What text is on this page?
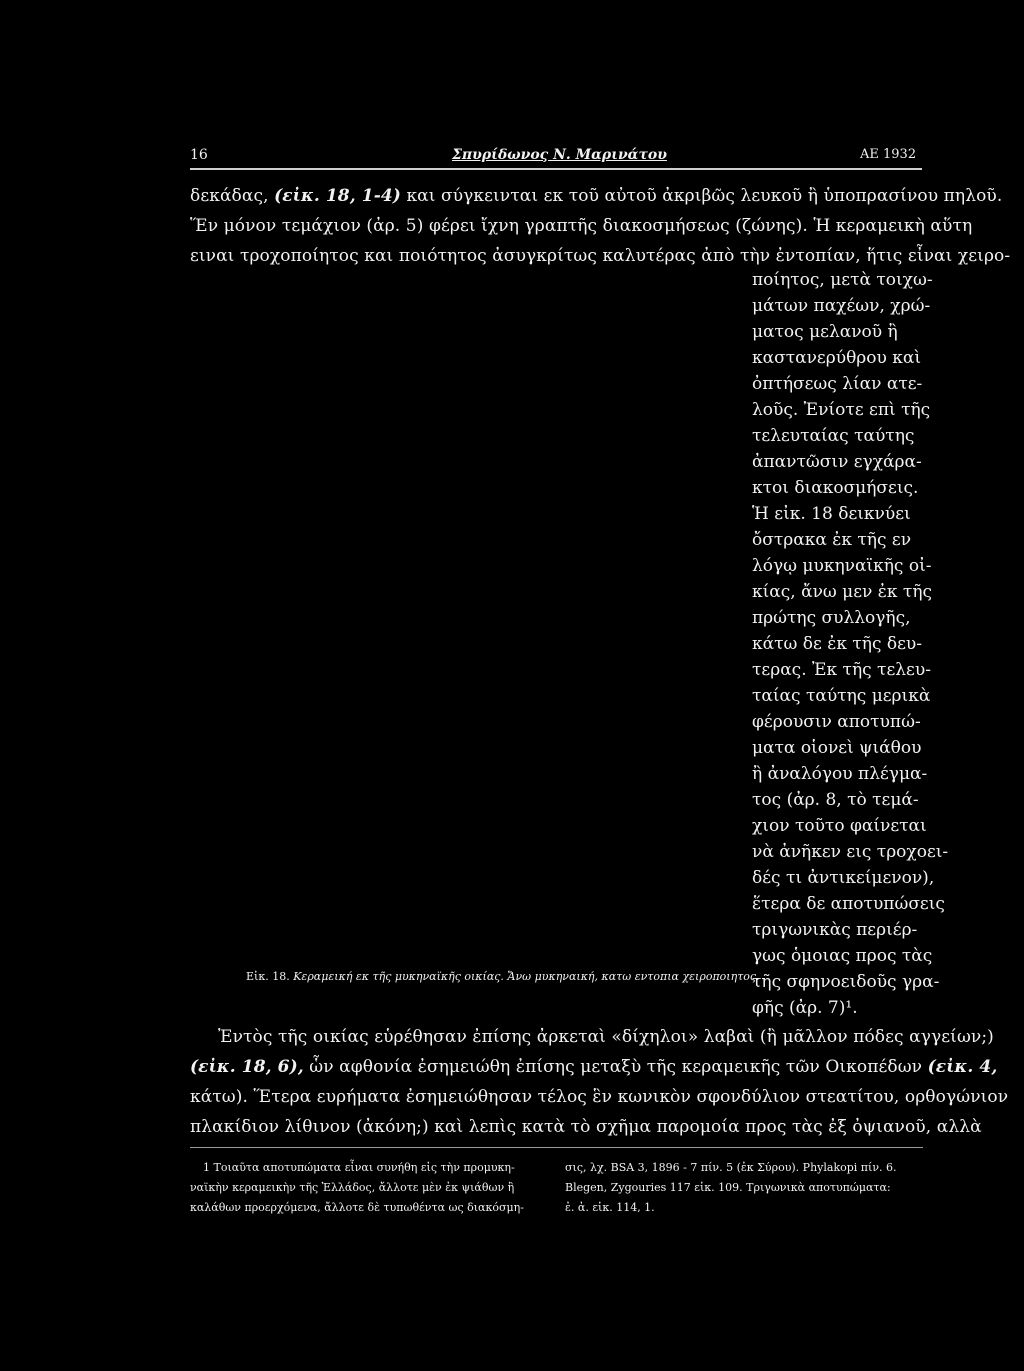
16	Σπυρίδωνος Ν. Μαρινάτου	ΑΕ 1932
δεκάδας, (εἰκ. 18, 1-4) και σύγκεινται εκ τοῦ αὐτοῦ ἀκριβῶς λευκοῦ ἢ ὑποπρασίνου πηλοῦ.
Ἕν μόνον τεμάχιον (ἀρ. 5) φέρει ἴχνη γραπτῆς διακοσμήσεως (ζώνης). Ἡ κεραμεικὴ αὕτη
ειναι τροχοποίητος και ποιότητος ἀσυγκρίτως καλυτέρας ἀπὸ τὴν ἐντοπίαν, ἥτις εἶναι χειρο-
ποίητος, μετὰ τοιχω-
μάτων παχέων, χρώ-
ματος μελανοῦ ἢ
καστανερύθρου καὶ
ὀπτήσεως λίαν ατε-
λοῦς. Ἐνίοτε επὶ τῆς
τελευταίας ταύτης
ἀπαντῶσιν εγχάρα-
κτοι διακοσμήσεις.
Ἡ εἰκ. 18 δεικνύει
ὄστρακα ἐκ τῆς εν
λόγῳ μυκηναϊκῆς οἰ-
κίας, ἄνω μεν ἐκ τῆς
πρώτης συλλογῆς,
κάτω δε ἐκ τῆς δευ-
τερας. Ἐκ τῆς τελευ-
ταίας ταύτης μερικὰ
φέρουσιν αποτυπώ-
ματα οἱονεὶ ψιάθου
ἢ ἀναλόγου πλέγμα-
τος (ἀρ. 8, τὸ τεμά-
χιον τοῦτο φαίνεται
νὰ ἀνῆκεν εις τροχοει-
δές τι ἀντικείμενον),
ἕτερα δε αποτυπώσεις
τριγωνικὰς περιέρ-
γως ὁμοιας προς τὰς
τῆς σφηνοειδοῦς γρα-
φῆς (ἀρ. 7)¹.
Εἰκ. 18. Κεραμεική εκ τῆς μυκηναϊκῆς οικίας. Ἄνω μυκηναική, κατω εντοπια χειροποιητος.
Ἐντὸς τῆς οικίας εὑρέθησαν ἐπίσης ἀρκεταὶ «δίχηλοι» λαβαὶ (ἢ μᾶλλον πόδες αγγείων;)
(εἰκ. 18, 6), ὧν αφθονία ἐσημειώθη ἐπίσης μεταξὺ τῆς κεραμεικῆς τῶν Οικοπέδων (εἰκ. 4,
κάτω). Ἕτερα ευρήματα ἐσημειώθησαν τέλος ἓν κωνικὸν σφονδύλιον στεατίτου, ορθογώνιον
πλακίδιον λίθινον (ἀκόνη;) καὶ λεπὶς κατὰ τὸ σχῆμα παρομοία προς τὰς ἐξ ὀψιανοῦ, αλλὰ
1 Τοιαῦτα αποτυπώματα εἶναι συνήθη εἰς τὴν προμυκη-
ναϊκὴν κεραμεικὴν τῆς Ἑλλάδος, ἄλλοτε μὲν ἐκ ψιάθων ἢ
καλάθων προερχόμενα, ἄλλοτε δὲ τυπωθέντα ως διακόσμη-
σις, λχ. BSA 3, 1896 - 7 πίν. 5 (ἐκ Σύρου). Phylakopi πίν. 6.
Blegen, Zygouries 117 εἰκ. 109. Τριγωνικὰ αποτυπώματα:
ἐ. ἀ. εἰκ. 114, 1.
